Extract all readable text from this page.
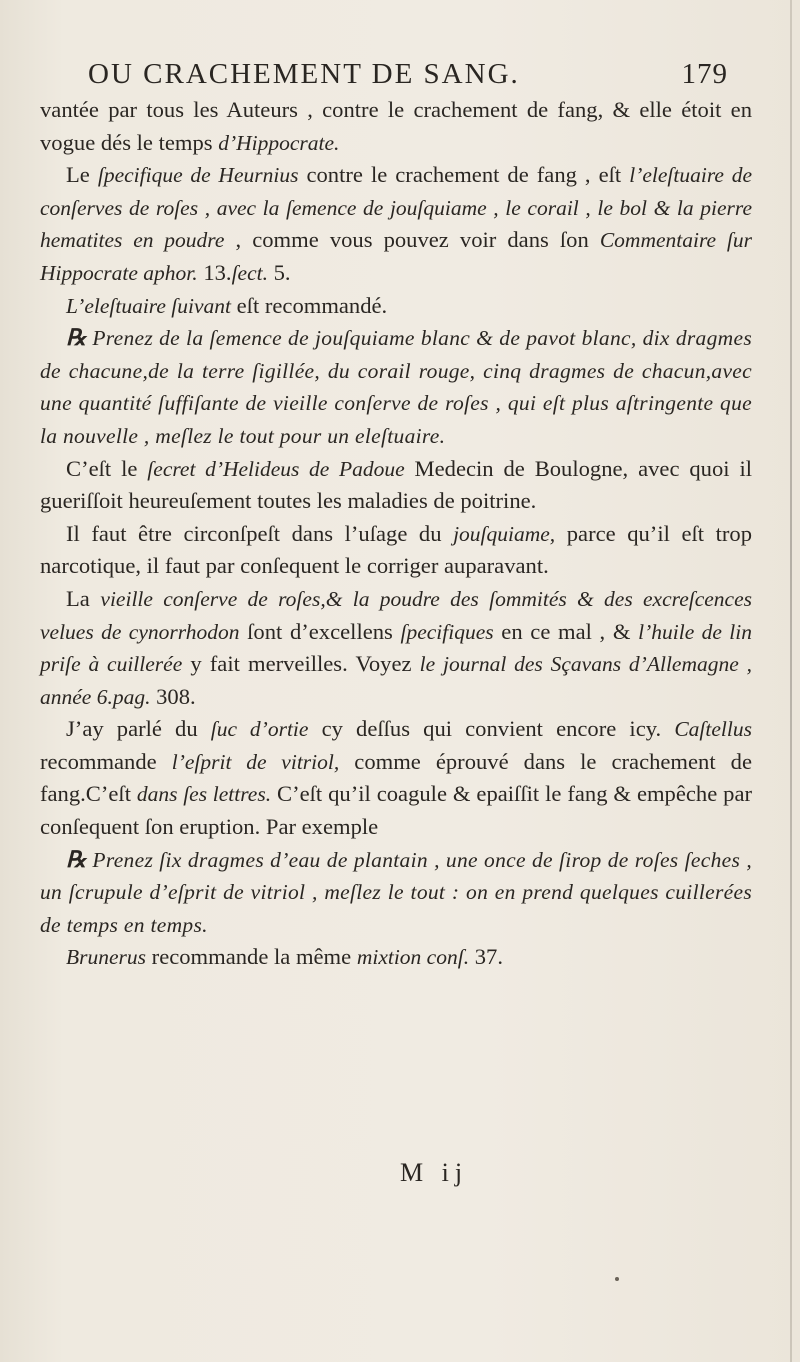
OU CRACHEMENT DE SANG.	179

vantée par tous les Auteurs , contre le crachement de fang, & elle étoit en vogue dés le temps d’Hippocrate.

Le ſpecifique de Heurnius contre le crachement de fang , eſt l’eleſtuaire de conſerves de roſes , avec la ſemence de jouſquiame , le corail , le bol & la pierre hematites en poudre , comme vous pouvez voir dans ſon Commentaire ſur Hippocrate aphor. 13.ſect. 5.

L’eleſtuaire ſuivant eſt recommandé.

℞ Prenez de la ſemence de jouſquiame blanc & de pavot blanc, dix dragmes de chacune,de la terre ſigillée, du corail rouge, cinq dragmes de chacun,avec une quantité ſuffiſante de vieille conſerve de roſes , qui eſt plus aſtringente que la nouvelle , meſlez le tout pour un eleſtuaire.

C’eſt le ſecret d’Helideus de Padoue Medecin de Boulogne, avec quoi il gueriſſoit heureuſement toutes les maladies de poitrine.

Il faut être circonſpeſt dans l’uſage du jouſquiame, parce qu’il eſt trop narcotique, il faut par conſequent le corriger auparavant.

La vieille conſerve de roſes,& la poudre des ſommités & des excreſcences velues de cynorrhodon ſont d’excellens ſpecifiques en ce mal , & l’huile de lin priſe à cuillerée y fait merveilles. Voyez le journal des Sçavans d’Allemagne , année 6.pag. 308.

J’ay parlé du ſuc d’ortie cy deſſus qui convient encore icy. Caſtellus recommande l’eſprit de vitriol, comme éprouvé dans le crachement de fang.C’eſt dans ſes lettres. C’eſt qu’il coagule & epaiſſit le fang & empêche par conſequent ſon eruption. Par exemple

℞ Prenez ſix dragmes d’eau de plantain , une once de ſirop de roſes ſeches , un ſcrupule d’eſprit de vitriol , meſlez le tout : on en prend quelques cuillerées de temps en temps.

Brunerus recommande la même mixtion conſ. 37.

M ij
